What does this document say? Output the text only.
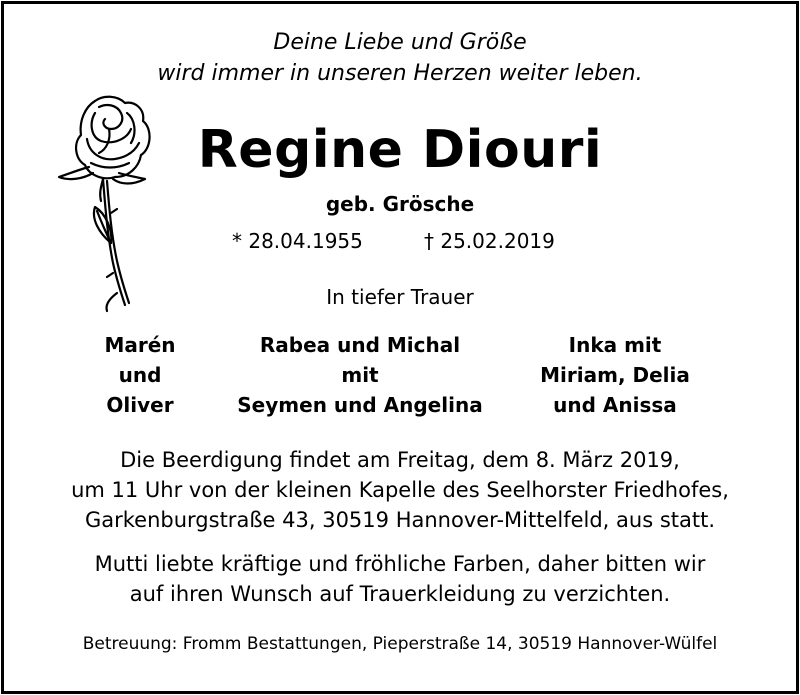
Deine Liebe und Größe
wird immer in unseren Herzen weiter leben.
Regine Diouri
geb. Grösche
* 28.04.1955	† 25.02.2019
In tiefer Trauer
Marén
und
Oliver
Rabea und Michal
mit
Seymen und Angelina
Inka mit
Miriam, Delia
und Anissa
Die Beerdigung findet am Freitag, dem 8. März 2019,
um 11 Uhr von der kleinen Kapelle des Seelhorster Friedhofes,
Garkenburgstraße 43, 30519 Hannover-Mittelfeld, aus statt.
Mutti liebte kräftige und fröhliche Farben, daher bitten wir
auf ihren Wunsch auf Trauerkleidung zu verzichten.
Betreuung: Fromm Bestattungen, Pieperstraße 14, 30519 Hannover-Wülfel
